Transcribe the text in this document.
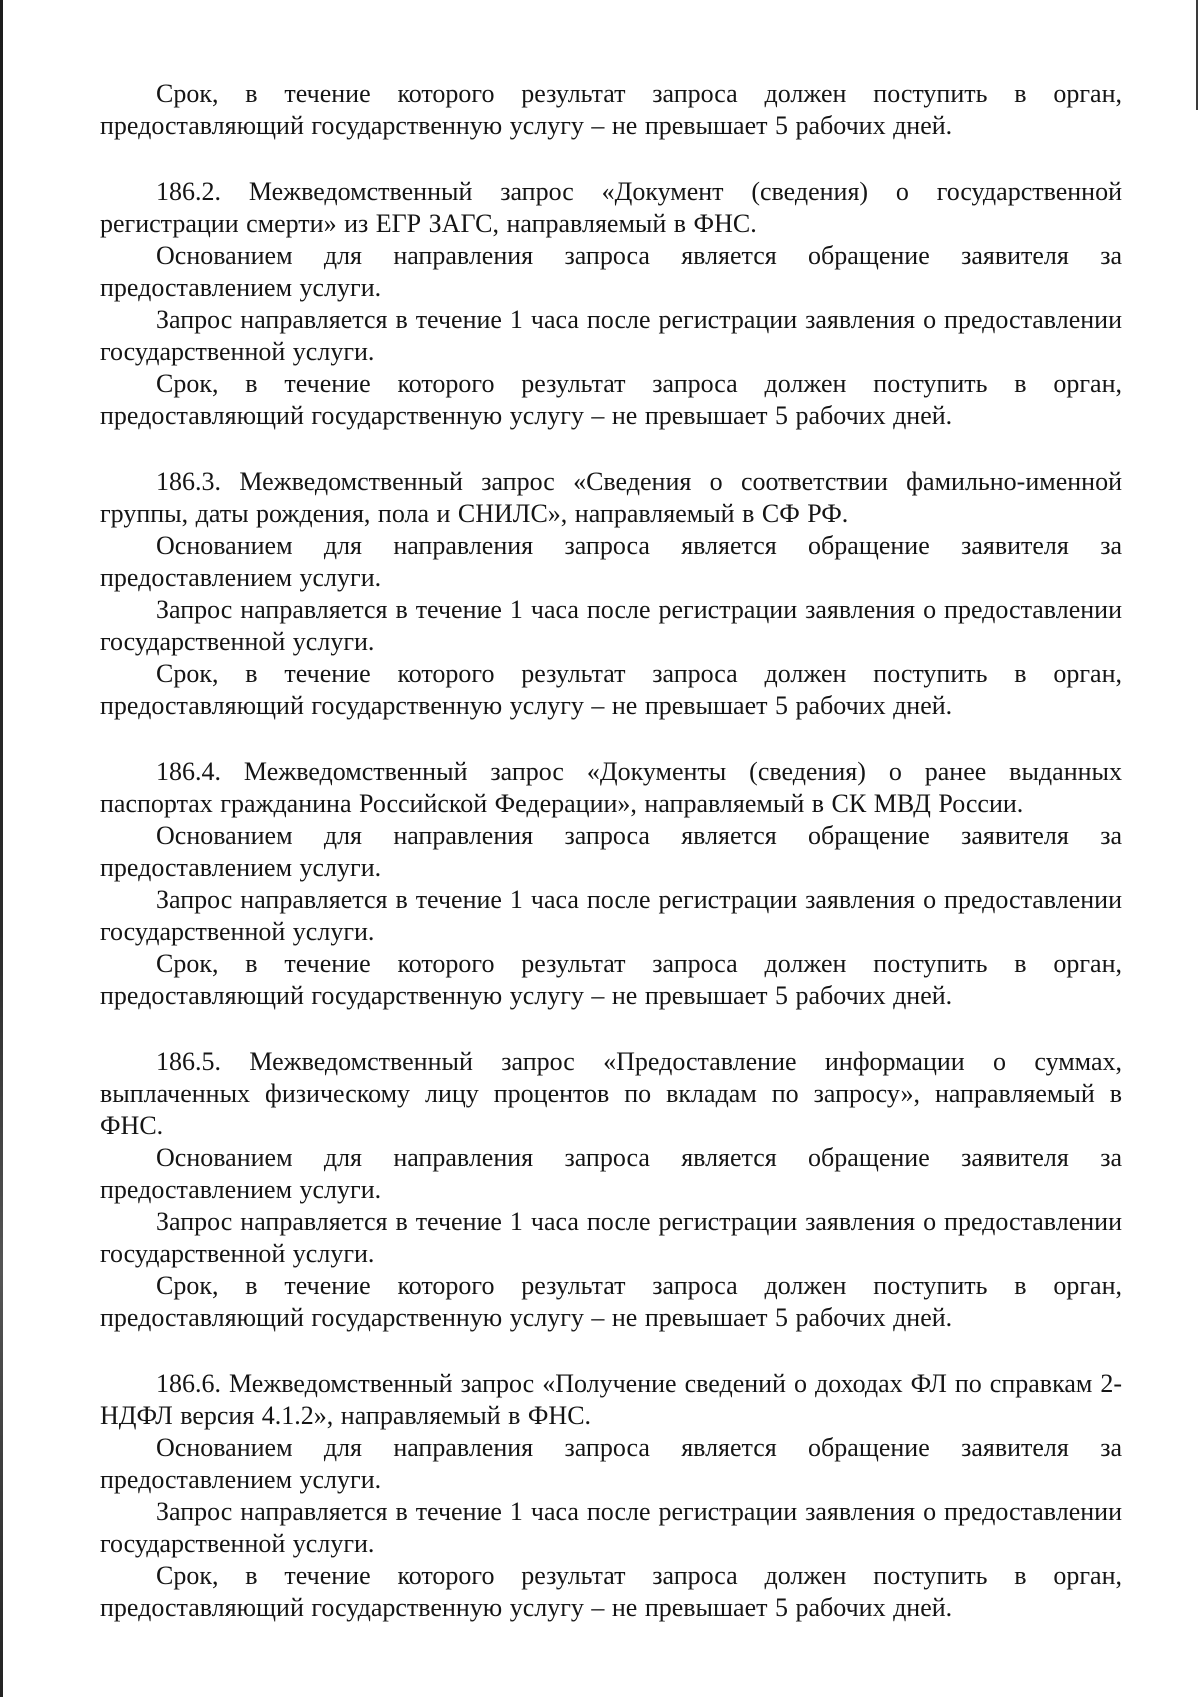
Срок, в течение которого результат запроса должен поступить в орган, предоставляющий государственную услугу – не превышает 5 рабочих дней.

186.2. Межведомственный запрос «Документ (сведения) о государственной регистрации смерти» из ЕГР ЗАГС, направляемый в ФНС.

Основанием для направления запроса является обращение заявителя за предоставлением услуги.

Запрос направляется в течение 1 часа после регистрации заявления о предоставлении государственной услуги.

Срок, в течение которого результат запроса должен поступить в орган, предоставляющий государственную услугу – не превышает 5 рабочих дней.

186.3. Межведомственный запрос «Сведения о соответствии фамильно-именной группы, даты рождения, пола и СНИЛС», направляемый в СФ РФ.

Основанием для направления запроса является обращение заявителя за предоставлением услуги.

Запрос направляется в течение 1 часа после регистрации заявления о предоставлении государственной услуги.

Срок, в течение которого результат запроса должен поступить в орган, предоставляющий государственную услугу – не превышает 5 рабочих дней.

186.4. Межведомственный запрос «Документы (сведения) о ранее выданных паспортах гражданина Российской Федерации», направляемый в СК МВД России.

Основанием для направления запроса является обращение заявителя за предоставлением услуги.

Запрос направляется в течение 1 часа после регистрации заявления о предоставлении государственной услуги.

Срок, в течение которого результат запроса должен поступить в орган, предоставляющий государственную услугу – не превышает 5 рабочих дней.

186.5. Межведомственный запрос «Предоставление информации о суммах, выплаченных физическому лицу процентов по вкладам по запросу», направляемый в ФНС.

Основанием для направления запроса является обращение заявителя за предоставлением услуги.

Запрос направляется в течение 1 часа после регистрации заявления о предоставлении государственной услуги.

Срок, в течение которого результат запроса должен поступить в орган, предоставляющий государственную услугу – не превышает 5 рабочих дней.

186.6. Межведомственный запрос «Получение сведений о доходах ФЛ по справкам 2-НДФЛ версия 4.1.2», направляемый в ФНС.

Основанием для направления запроса является обращение заявителя за предоставлением услуги.

Запрос направляется в течение 1 часа после регистрации заявления о предоставлении государственной услуги.

Срок, в течение которого результат запроса должен поступить в орган, предоставляющий государственную услугу – не превышает 5 рабочих дней.
